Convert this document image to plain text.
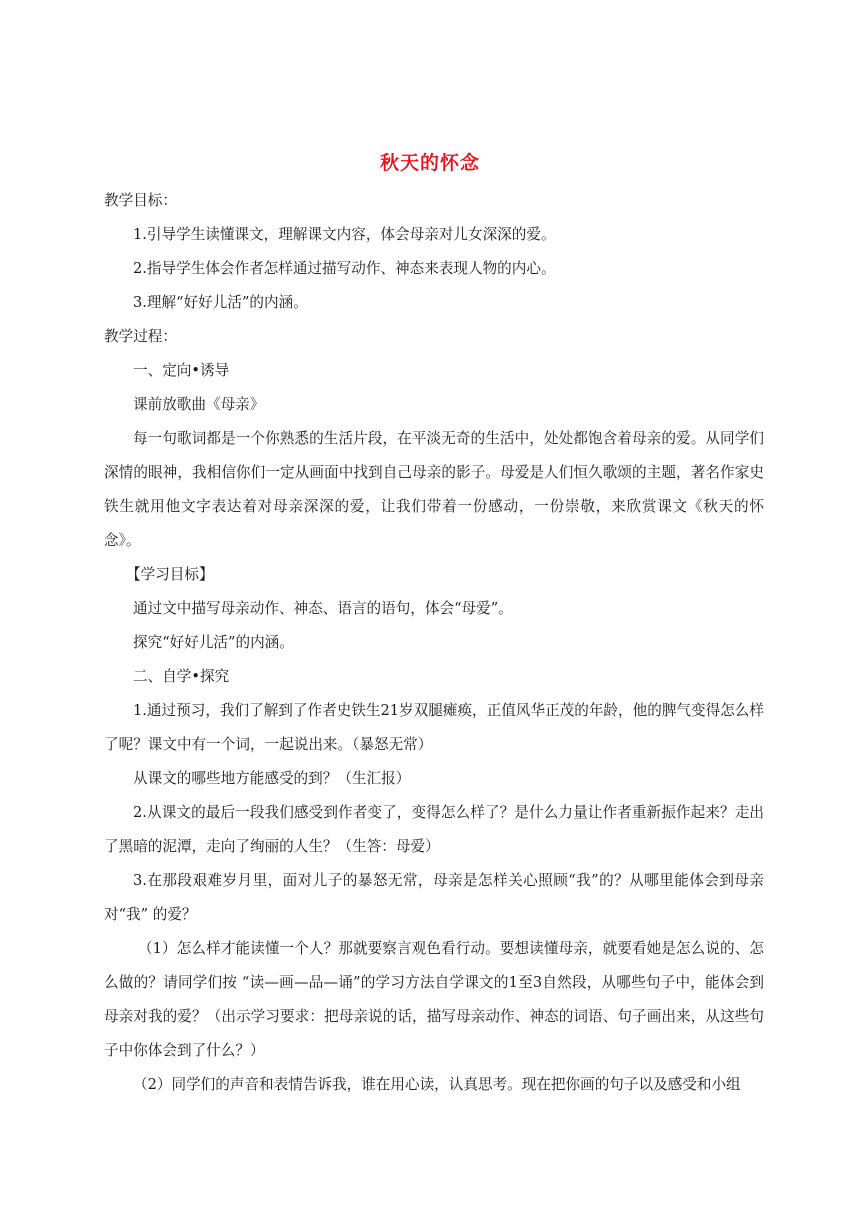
秋天的怀念

教学目标：

1.引导学生读懂课文，理解课文内容，体会母亲对儿女深深的爱。

2.指导学生体会作者怎样通过描写动作、神态来表现人物的内心。

3.理解“好好儿活”的内涵。

教学过程：

一、定向•诱导

课前放歌曲《母亲》

每一句歌词都是一个你熟悉的生活片段，在平淡无奇的生活中，处处都饱含着母亲的爱。从同学们深情的眼神，我相信你们一定从画面中找到自己母亲的影子。母爱是人们恒久歌颂的主题，著名作家史铁生就用他文字表达着对母亲深深的爱，让我们带着一份感动，一份崇敬，来欣赏课文《秋天的怀念》。

【学习目标】

通过文中描写母亲动作、神态、语言的语句，体会“母爱”。

探究“好好儿活”的内涵。

二、自学•探究

1.通过预习，我们了解到了作者史铁生21岁双腿瘫痪，正值风华正茂的年龄，他的脾气变得怎么样了呢？课文中有一个词，一起说出来。（暴怒无常）

从课文的哪些地方能感受的到？（生汇报）

2.从课文的最后一段我们感受到作者变了，变得怎么样了？是什么力量让作者重新振作起来？走出了黑暗的泥潭，走向了绚丽的人生？（生答：母爱）

3.在那段艰难岁月里，面对儿子的暴怒无常，母亲是怎样关心照顾“我”的？从哪里能体会到母亲对“我” 的爱？

（1）怎么样才能读懂一个人？那就要察言观色看行动。要想读懂母亲，就要看她是怎么说的、怎么做的？请同学们按 “读—画—品—诵”的学习方法自学课文的1至3自然段，从哪些句子中，能体会到母亲对我的爱？（出示学习要求：把母亲说的话，描写母亲动作、神态的词语、句子画出来，从这些句子中你体会到了什么？）

（2）同学们的声音和表情告诉我，谁在用心读，认真思考。现在把你画的句子以及感受和小组
